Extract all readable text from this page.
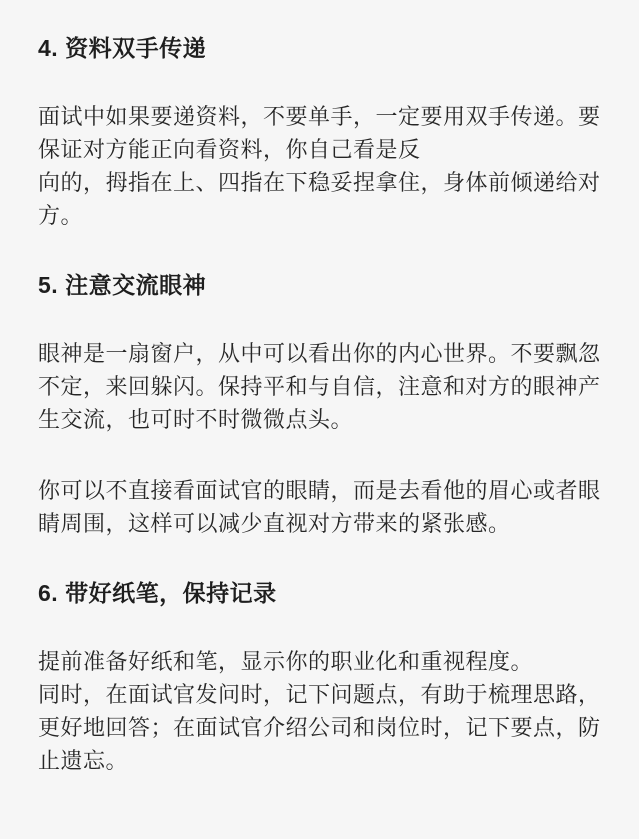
4. 资料双手传递
面试中如果要递资料，不要单手，一定要用双手传递。要
保证对方能正向看资料，你自己看是反
向的，拇指在上、四指在下稳妥捏拿住，身体前倾递给对
方。
5. 注意交流眼神
眼神是一扇窗户，从中可以看出你的内心世界。不要飘忽
不定，来回躲闪。保持平和与自信，注意和对方的眼神产
生交流，也可时不时微微点头。
你可以不直接看面试官的眼睛，而是去看他的眉心或者眼
睛周围，这样可以减少直视对方带来的紧张感。
6. 带好纸笔，保持记录
提前准备好纸和笔，显示你的职业化和重视程度。
同时，在面试官发问时，记下问题点，有助于梳理思路，
更好地回答；在面试官介绍公司和岗位时，记下要点，防
止遗忘。
